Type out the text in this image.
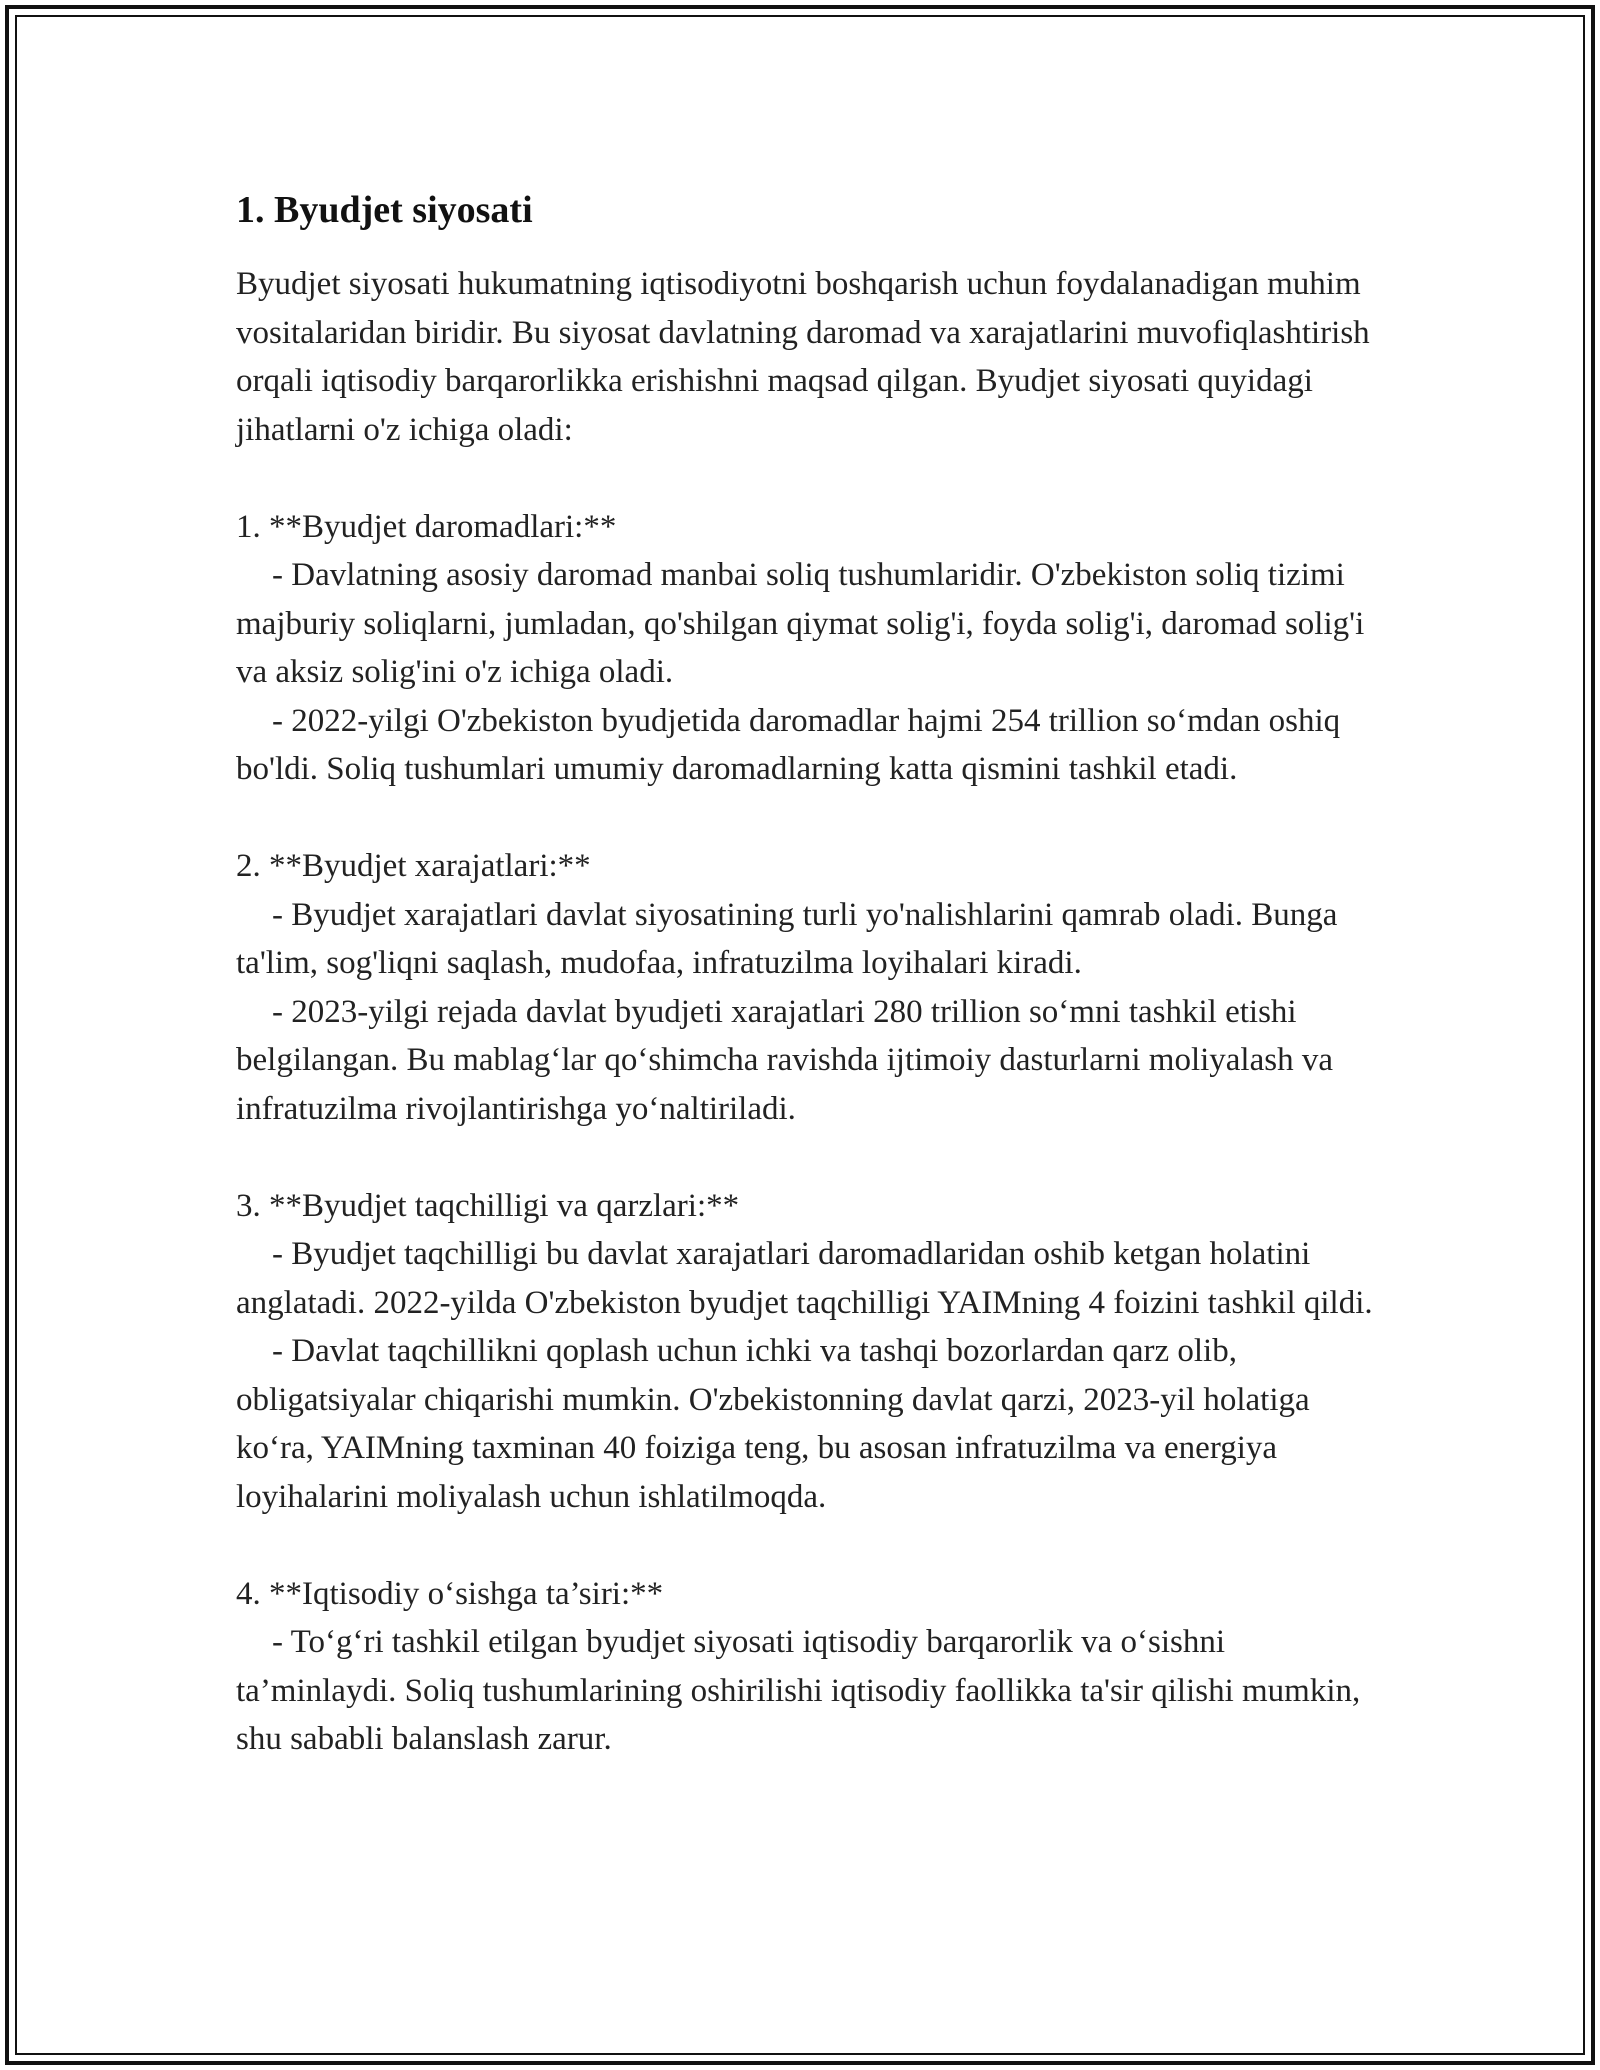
1. Byudjet siyosati

Byudjet siyosati hukumatning iqtisodiyotni boshqarish uchun foydalanadigan muhim vositalaridan biridir. Bu siyosat davlatning daromad va xarajatlarini muvofiqlashtirish orqali iqtisodiy barqarorlikka erishishni maqsad qilgan. Byudjet siyosati quyidagi jihatlarni o'z ichiga oladi:

1. **Byudjet daromadlari:**

- Davlatning asosiy daromad manbai soliq tushumlaridir. O'zbekiston soliq tizimi majburiy soliqlarni, jumladan, qo'shilgan qiymat solig'i, foyda solig'i, daromad solig'i va aksiz solig'ini o'z ichiga oladi.

- 2022-yilgi O'zbekiston byudjetida daromadlar hajmi 254 trillion so‘mdan oshiq bo'ldi. Soliq tushumlari umumiy daromadlarning katta qismini tashkil etadi.

2. **Byudjet xarajatlari:**

- Byudjet xarajatlari davlat siyosatining turli yo'nalishlarini qamrab oladi. Bunga ta'lim, sog'liqni saqlash, mudofaa, infratuzilma loyihalari kiradi.

- 2023-yilgi rejada davlat byudjeti xarajatlari 280 trillion so‘mni tashkil etishi belgilangan. Bu mablag‘lar qo‘shimcha ravishda ijtimoiy dasturlarni moliyalash va infratuzilma rivojlantirishga yo‘naltiriladi.

3. **Byudjet taqchilligi va qarzlari:**

- Byudjet taqchilligi bu davlat xarajatlari daromadlaridan oshib ketgan holatini anglatadi. 2022-yilda O'zbekiston byudjet taqchilligi YAIMning 4 foizini tashkil qildi.

- Davlat taqchillikni qoplash uchun ichki va tashqi bozorlardan qarz olib, obligatsiyalar chiqarishi mumkin. O'zbekistonning davlat qarzi, 2023-yil holatiga ko‘ra, YAIMning taxminan 40 foiziga teng, bu asosan infratuzilma va energiya loyihalarini moliyalash uchun ishlatilmoqda.

4. **Iqtisodiy o‘sishga ta’siri:**

- To‘g‘ri tashkil etilgan byudjet siyosati iqtisodiy barqarorlik va o‘sishni ta’minlaydi. Soliq tushumlarining oshirilishi iqtisodiy faollikka ta'sir qilishi mumkin, shu sababli balanslash zarur.
